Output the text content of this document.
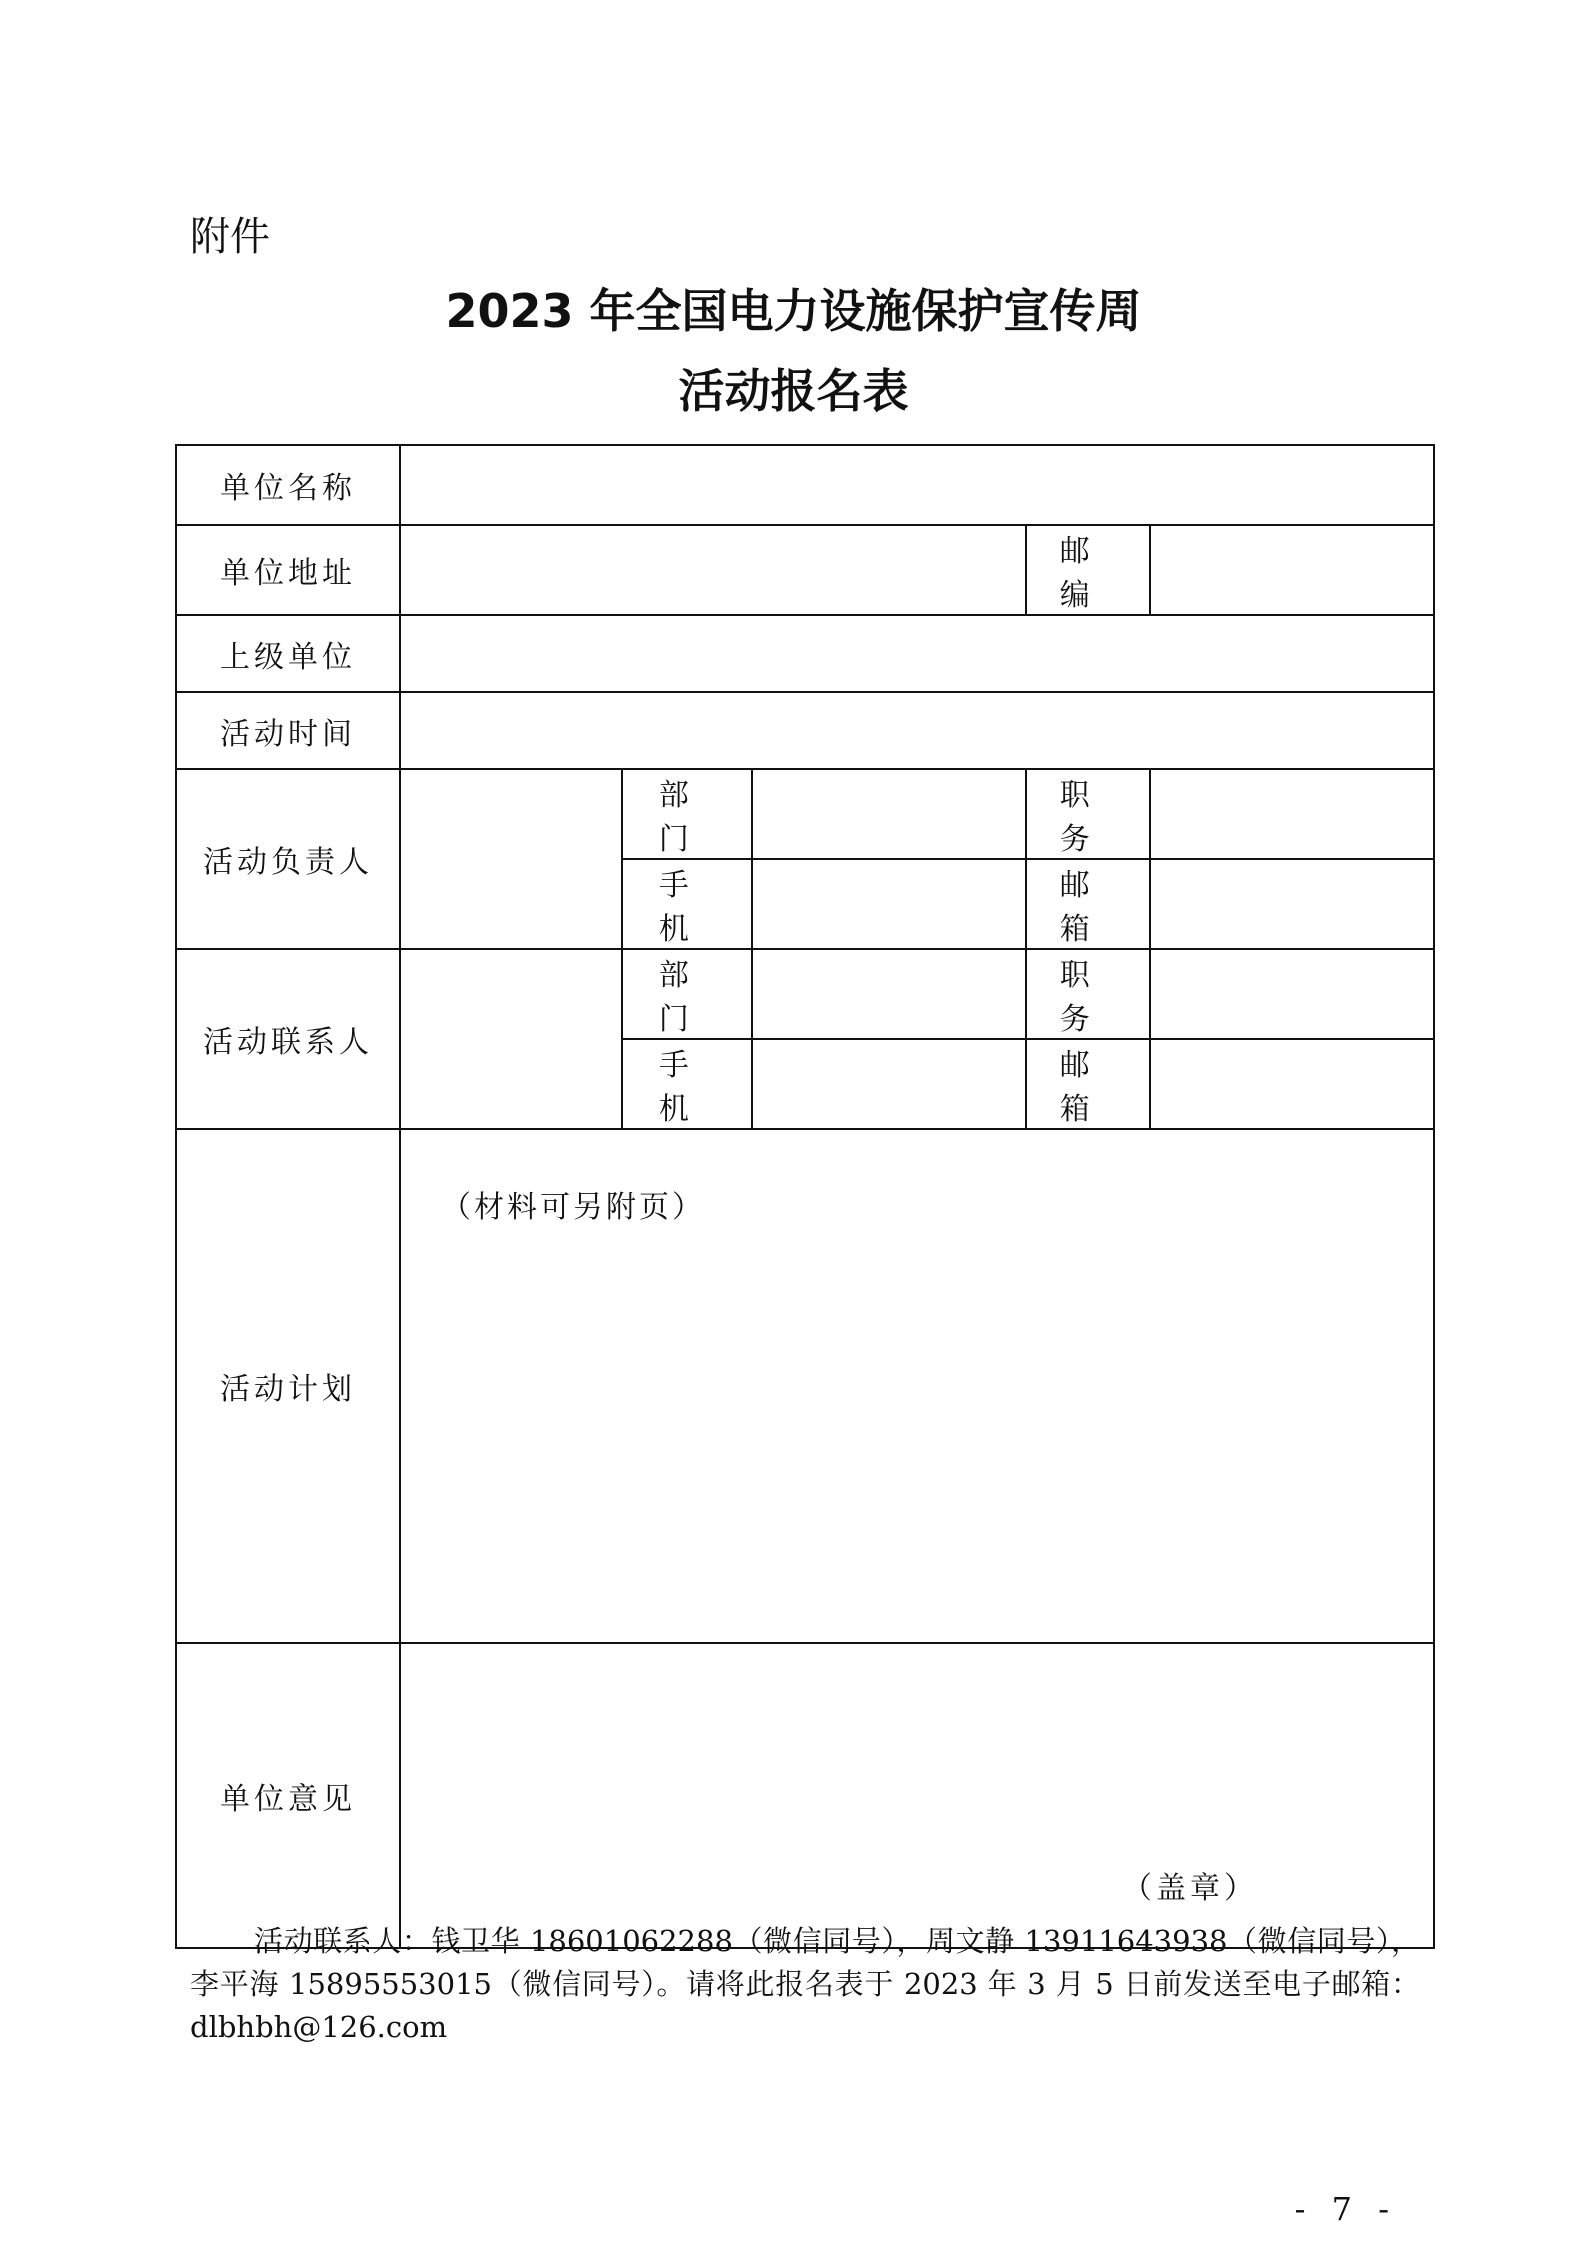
附件
2023 年全国电力设施保护宣传周
活动报名表
单位名称					
单位地址				邮 编	
上级单位					
活动时间					
活动负责人		部 门		职 务	
		手 机		邮 箱	
活动联系人		部 门		职 务	
		手 机		邮 箱	
活动计划	（材料可另附页）				

单位意见	（盖章）				
活动联系人：钱卫华 18601062288（微信同号），周文静 13911643938（微信同号），李平海 15895553015（微信同号）。请将此报名表于 2023 年 3 月 5 日前发送至电子邮箱：dlbhbh@126.com
- 7 -
